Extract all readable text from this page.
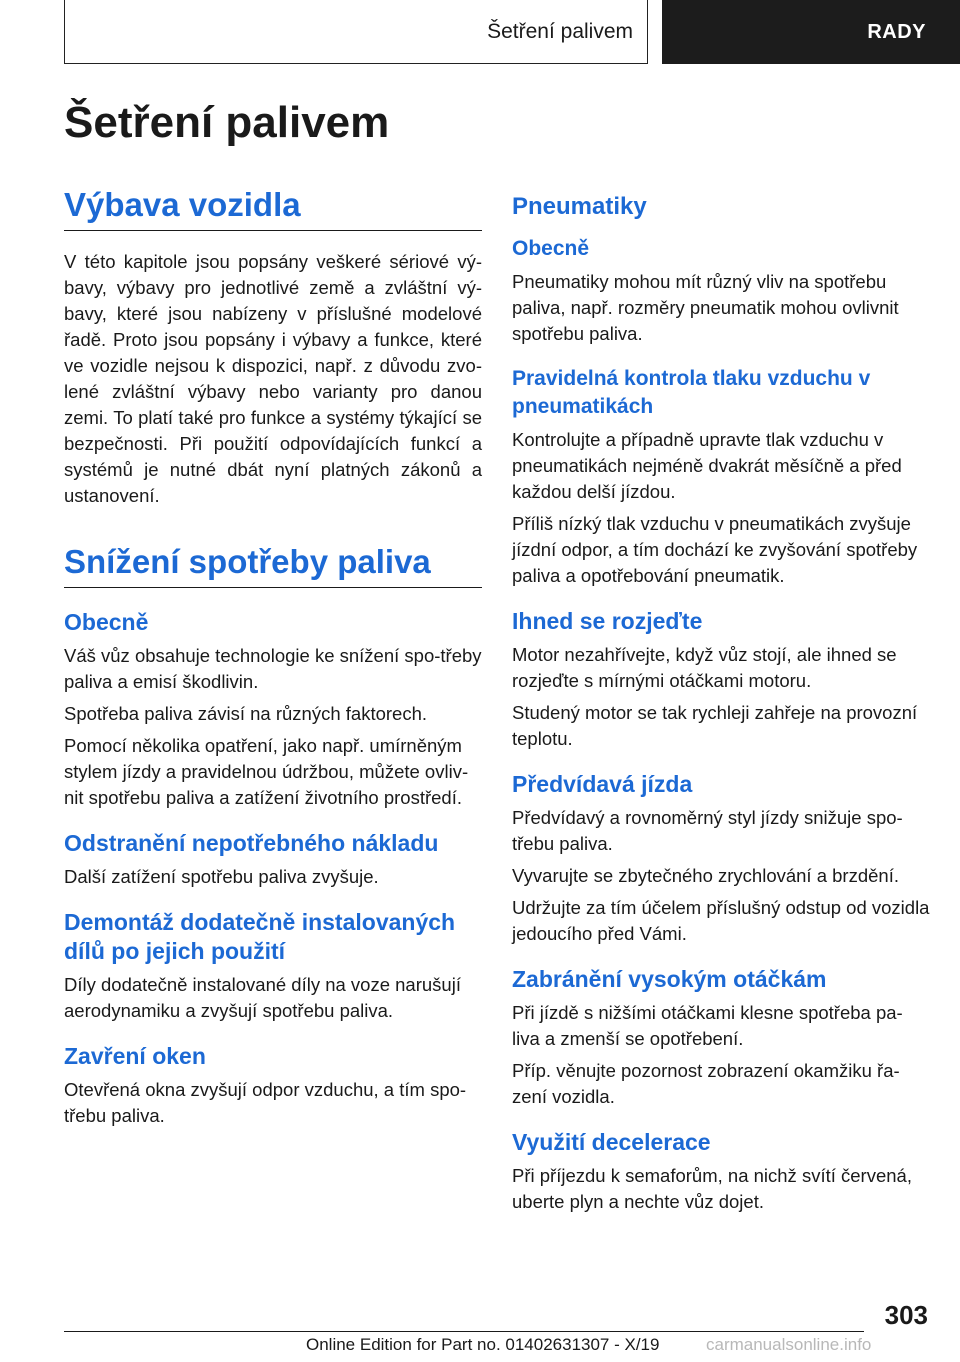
Šetření palivem	RADY
Šetření palivem
Výbava vozidla

V této kapitole jsou popsány veškeré sériové vý-bavy, výbavy pro jednotlivé země a zvláštní vý-bavy, které jsou nabízeny v příslušné modelové řadě. Proto jsou popsány i výbavy a funkce, které ve vozidle nejsou k dispozici, např. z důvodu zvo-lené zvláštní výbavy nebo varianty pro danou zemi. To platí také pro funkce a systémy týkající se bezpečnosti. Při použití odpovídajících funkcí a systémů je nutné dbát nyní platných zákonů a ustanovení.

Snížení spotřeby paliva
Obecně

Váš vůz obsahuje technologie ke snížení spo-třeby paliva a emisí škodlivin.

Spotřeba paliva závisí na různých faktorech.

Pomocí několika opatření, jako např. umírněným stylem jízdy a pravidelnou údržbou, můžete ovliv-nit spotřebu paliva a zatížení životního prostředí.

Odstranění nepotřebného nákladu

Další zatížení spotřebu paliva zvyšuje.

Demontáž dodatečně instalovaných dílů po jejich použití

Díly dodatečně instalované díly na voze narušují aerodynamiku a zvyšují spotřebu paliva.

Zavření oken

Otevřená okna zvyšují odpor vzduchu, a tím spo-třebu paliva.

Pneumatiky
Obecně

Pneumatiky mohou mít různý vliv na spotřebu paliva, např. rozměry pneumatik mohou ovlivnit spotřebu paliva.

Pravidelná kontrola tlaku vzduchu v pneumatikách

Kontrolujte a případně upravte tlak vzduchu v pneumatikách nejméně dvakrát měsíčně a před každou delší jízdou.

Příliš nízký tlak vzduchu v pneumatikách zvyšuje jízdní odpor, a tím dochází ke zvyšování spotřeby paliva a opotřebování pneumatik.

Ihned se rozjeďte

Motor nezahřívejte, když vůz stojí, ale ihned se rozjeďte s mírnými otáčkami motoru.

Studený motor se tak rychleji zahřeje na provozní teplotu.

Předvídavá jízda

Předvídavý a rovnoměrný styl jízdy snižuje spo-třebu paliva.

Vyvarujte se zbytečného zrychlování a brzdění.

Udržujte za tím účelem příslušný odstup od vozidla jedoucího před Vámi.

Zabránění vysokým otáčkám

Při jízdě s nižšími otáčkami klesne spotřeba pa-liva a zmenší se opotřebení.

Příp. věnujte pozornost zobrazení okamžiku řa-zení vozidla.

Využití decelerace

Při příjezdu k semaforům, na nichž svítí červená, uberte plyn a nechte vůz dojet.

303
Online Edition for Part no. 01402631307 - X/19	carmanualsonline.info
